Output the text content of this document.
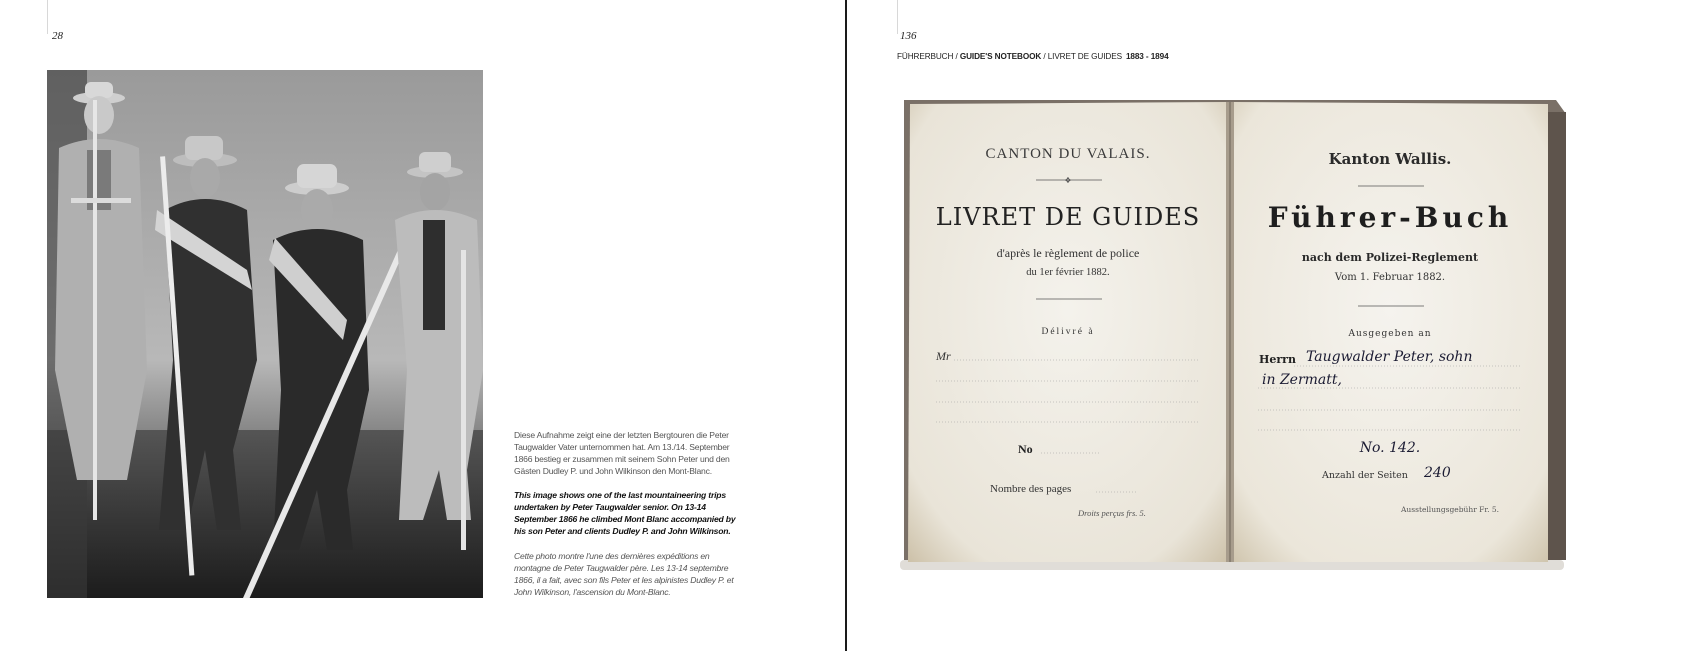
28
Diese Aufnahme zeigt eine der letzten Bergtouren die Peter Taugwalder Vater unternommen hat. Am 13./14. September 1866 bestieg er zusammen mit seinem Sohn Peter und den Gästen Dudley P. und John Wilkinson den Mont-Blanc.
This image shows one of the last mountaineering trips undertaken by Peter Taugwalder senior. On 13-14 September 1866 he climbed Mont Blanc accompanied by his son Peter and clients Dudley P. and John Wilkinson.
Cette photo montre l'une des dernières expéditions en montagne de Peter Taugwalder père. Les 13-14 septembre 1866, il a fait, avec son fils Peter et les alpinistes Dudley P. et John Wilkinson, l'ascension du Mont-Blanc.
136
FÜHRERBUCH / GUIDE'S NOTEBOOK / LIVRET DE GUIDES 1883 - 1894
CANTON DU VALAIS.
❖
LIVRET DE GUIDES
d'après le règlement de police
du 1er février 1882.
Délivré à
Mr
No
Nombre des pages
Droits perçus frs. 5.
Kanton Wallis.
Führer-Buch
nach dem Polizei-Reglement
Vom 1. Februar 1882.
Ausgegeben an
Herrn Taugwalder Peter, sohn
in Zermatt,
No. 142.
Anzahl der Seiten 240
Ausstellungsgebühr Fr. 5.
